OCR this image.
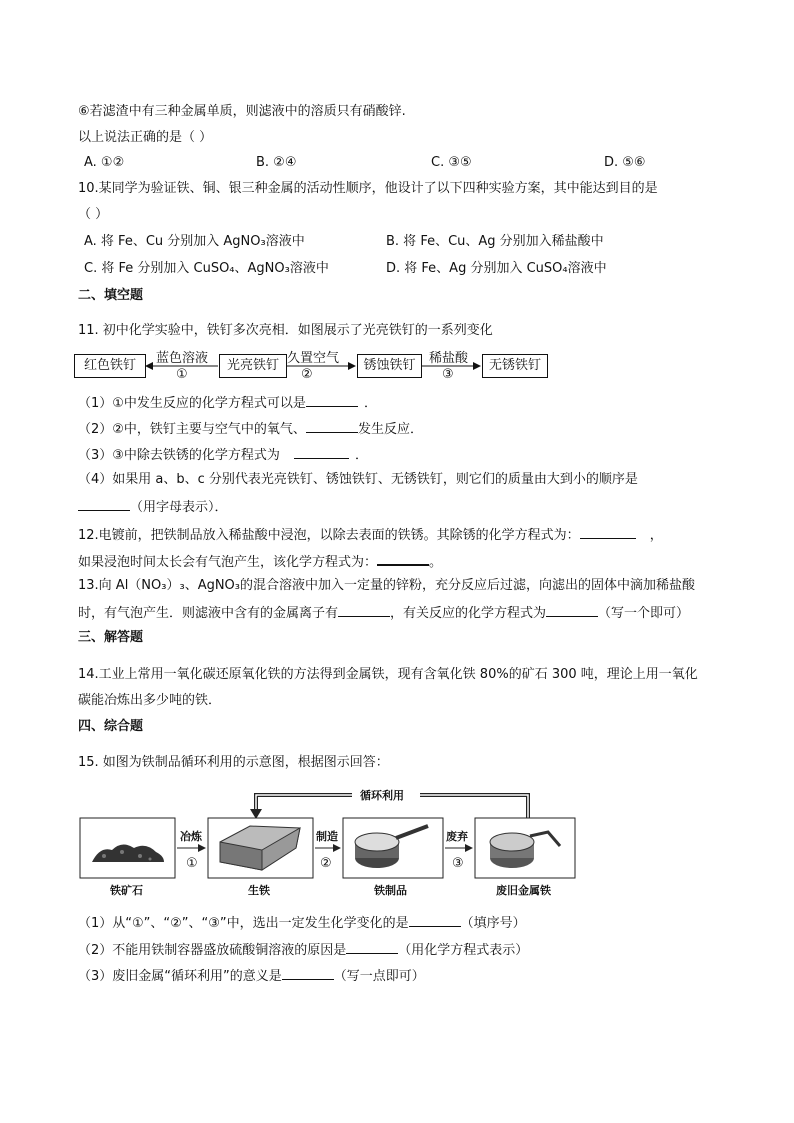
⑥若滤渣中有三种金属单质，则滤液中的溶质只有硝酸锌.
以上说法正确的是（ ）
A. ①②	B. ②④	C. ③⑤	D. ⑤⑥
10.某同学为验证铁、铜、银三种金属的活动性顺序，他设计了以下四种实验方案，其中能达到目的是
（ ）
A. 将 Fe、Cu 分别加入 AgNO₃溶液中	B. 将 Fe、Cu、Ag 分别加入稀盐酸中
C. 将 Fe 分别加入 CuSO₄、AgNO₃溶液中	D. 将 Fe、Ag 分别加入 CuSO₄溶液中
二、填空题
11. 初中化学实验中，铁钉多次亮相．如图展示了光亮铁钉的一系列变化
红色铁钉	光亮铁钉	锈蚀铁钉	无锈铁钉
蓝色溶液
①
久置空气
②
稀盐酸
③
（1）①中发生反应的化学方程式可以是	．
（2）②中，铁钉主要与空气中的氧气、	发生反应．
（3）③中除去铁锈的化学方程式为	．
（4）如果用 a、b、c 分别代表光亮铁钉、锈蚀铁钉、无锈铁钉，则它们的质量由大到小的顺序是
（用字母表示）．
12.电镀前，把铁制品放入稀盐酸中浸泡，以除去表面的铁锈。其除锈的化学方程式为：	，
如果浸泡时间太长会有气泡产生，该化学方程式为：	。
13.向 Al（NO₃）₃、AgNO₃的混合溶液中加入一定量的锌粉，充分反应后过滤，向滤出的固体中滴加稀盐酸
时，有气泡产生．则滤液中含有的金属离子有	，有关反应的化学方程式为	（写一个即可）
三、解答题
14.工业上常用一氧化碳还原氧化铁的方法得到金属铁，现有含氧化铁 80%的矿石 300 吨，理论上用一氧化
碳能冶炼出多少吨的铁．
四、综合题
15. 如图为铁制品循环利用的示意图，根据图示回答：
循环利用
冶炼
①
制造
②
废弃
③
铁矿石	生铁	铁制品	废旧金属铁
（1）从“①”、“②”、“③”中，选出一定发生化学变化的是	（填序号）
（2）不能用铁制容器盛放硫酸铜溶液的原因是	（用化学方程式表示）
（3）废旧金属“循环利用”的意义是	（写一点即可）
